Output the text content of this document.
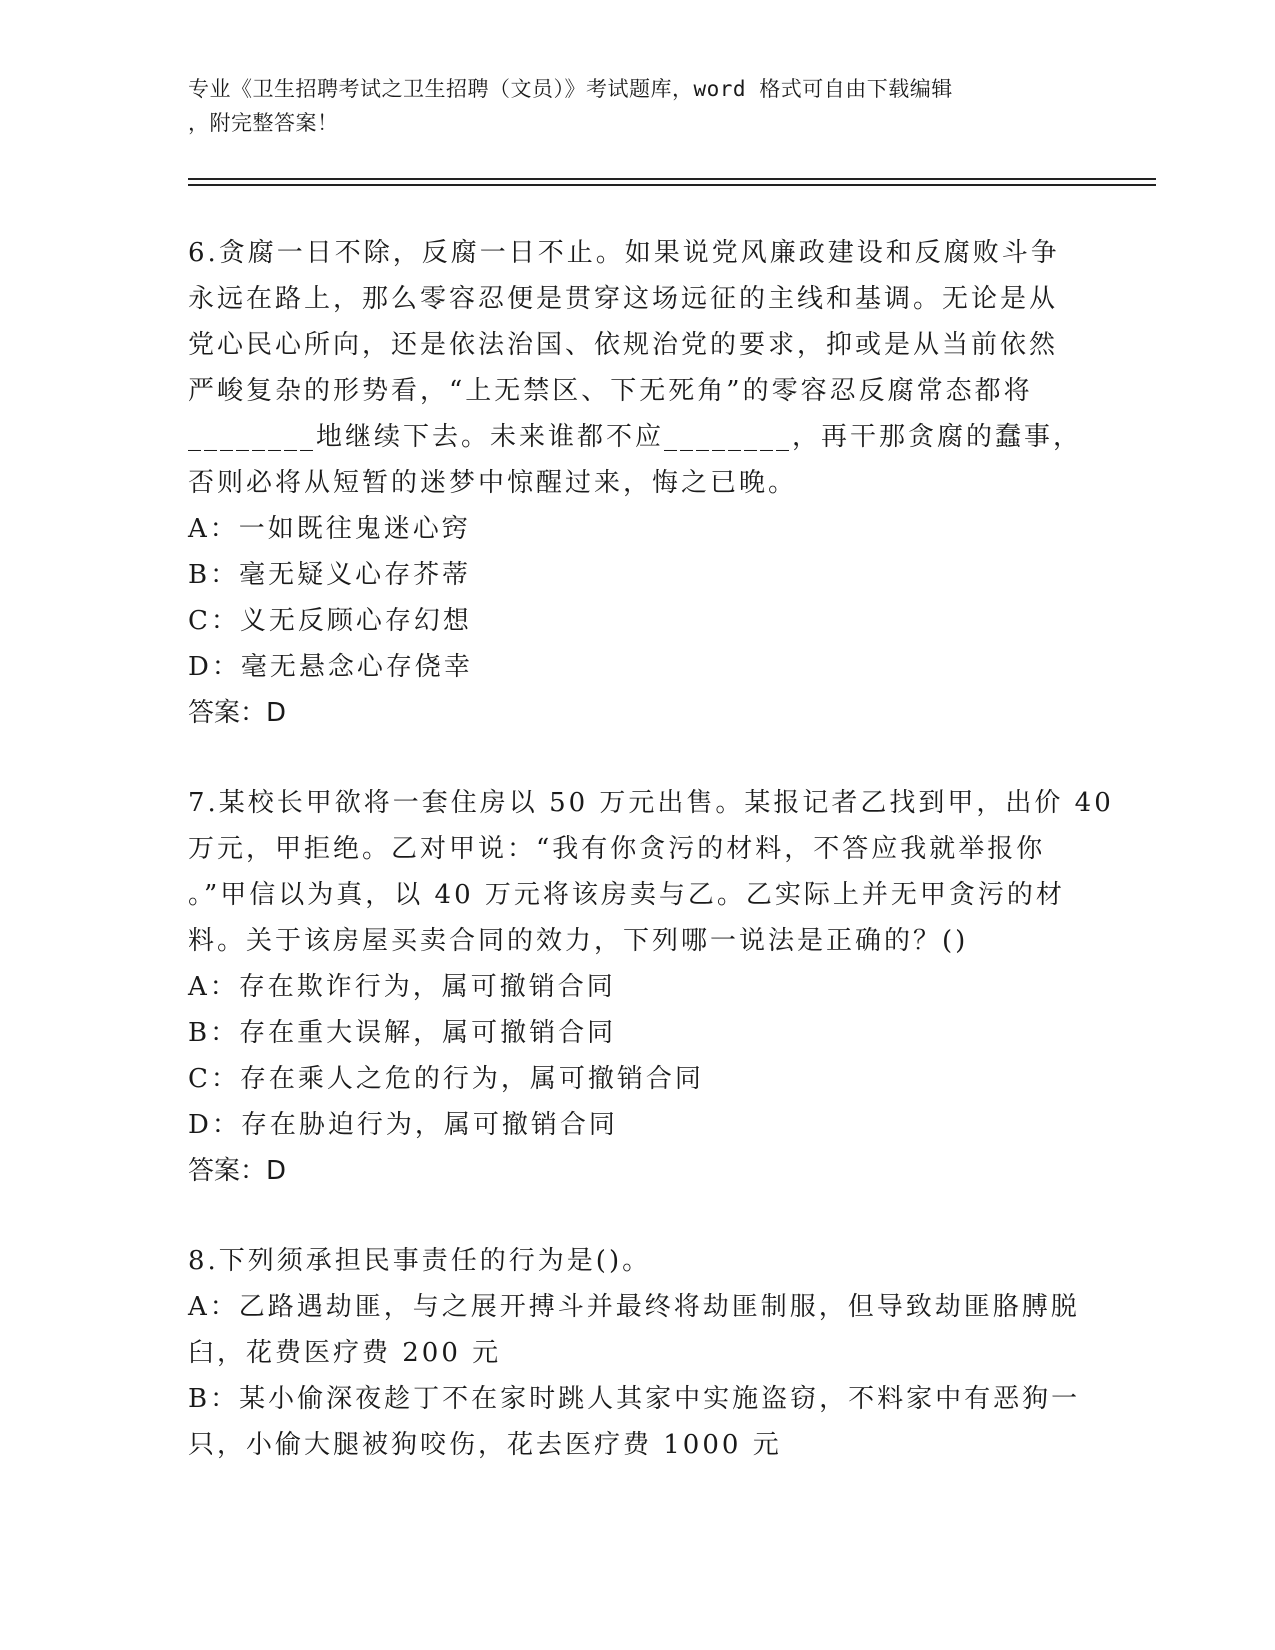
专业《卫生招聘考试之卫生招聘（文员）》考试题库，word 格式可自由下载编辑
，附完整答案！
6.贪腐一日不除，反腐一日不止。如果说党风廉政建设和反腐败斗争
永远在路上，那么零容忍便是贯穿这场远征的主线和基调。无论是从
党心民心所向，还是依法治国、依规治党的要求，抑或是从当前依然
严峻复杂的形势看，“上无禁区、下无死角”的零容忍反腐常态都将
________地继续下去。未来谁都不应________，再干那贪腐的蠢事，
否则必将从短暂的迷梦中惊醒过来，悔之已晚。
A：一如既往鬼迷心窍
B：毫无疑义心存芥蒂
C：义无反顾心存幻想
D：毫无悬念心存侥幸
答案：D
7.某校长甲欲将一套住房以 50 万元出售。某报记者乙找到甲，出价 40
万元，甲拒绝。乙对甲说：“我有你贪污的材料，不答应我就举报你
。”甲信以为真，以 40 万元将该房卖与乙。乙实际上并无甲贪污的材
料。关于该房屋买卖合同的效力，下列哪一说法是正确的？()
A：存在欺诈行为，属可撤销合同
B：存在重大误解，属可撤销合同
C：存在乘人之危的行为，属可撤销合同
D：存在胁迫行为，属可撤销合同
答案：D
8.下列须承担民事责任的行为是()。
A：乙路遇劫匪，与之展开搏斗并最终将劫匪制服，但导致劫匪胳膊脱
臼，花费医疗费 200 元
B：某小偷深夜趁丁不在家时跳人其家中实施盗窃，不料家中有恶狗一
只，小偷大腿被狗咬伤，花去医疗费 1000 元
